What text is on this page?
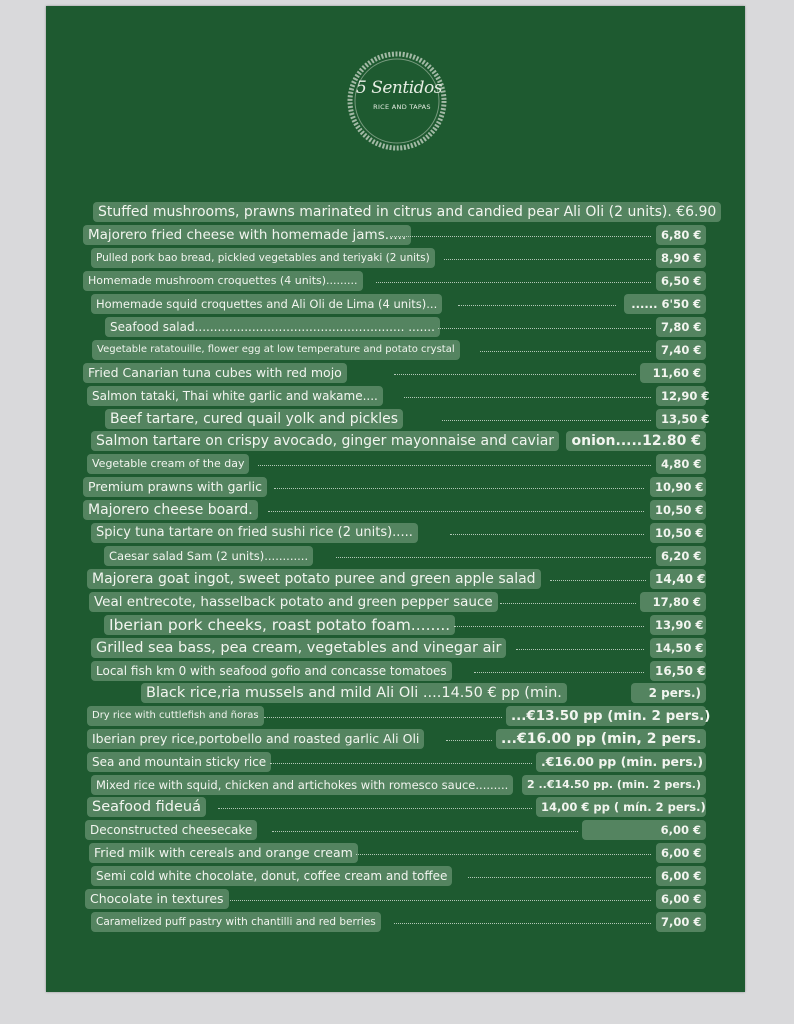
5 Sentidos
RICE AND TAPAS
Stuffed mushrooms, prawns marinated in citrus and candied pear Ali Oli (2 units). €6.90
Majorero fried cheese with homemade jams.....	6,80 €
Pulled pork bao bread, pickled vegetables and teriyaki (2 units)	8,90 €
Homemade mushroom croquettes (4 units).........	6,50 €
Homemade squid croquettes and Ali Oli de Lima (4 units)...	...... 6'50 €
Seafood salad....................................................... .......	7,80 €
Vegetable ratatouille, flower egg at low temperature and potato crystal	7,40 €
Fried Canarian tuna cubes with red mojo	11,60 €
Salmon tataki, Thai white garlic and wakame....	12,90 €
Beef tartare, cured quail yolk and pickles	13,50 €
Salmon tartare on crispy avocado, ginger mayonnaise and caviar	onion.....12.80 €
Vegetable cream of the day	4,80 €
Premium prawns with garlic	10,90 €
Majorero cheese board.	10,50 €
Spicy tuna tartare on fried sushi rice (2 units).....	10,50 €
Caesar salad Sam (2 units)............	6,20 €
Majorera goat ingot, sweet potato puree and green apple salad	14,40 €
Veal entrecote, hasselback potato and green pepper sauce	17,80 €
Iberian pork cheeks, roast potato foam........	13,90 €
Grilled sea bass, pea cream, vegetables and vinegar air	14,50 €
Local fish km 0 with seafood gofio and concasse tomatoes	16,50 €
Black rice,ria mussels and mild Ali Oli ....14.50 € pp (min.	2 pers.)
Dry rice with cuttlefish and ñoras	...€13.50 pp (min. 2 pers.)
Iberian prey rice,portobello and roasted garlic Ali Oli	...€16.00 pp (min, 2 pers.
Sea and mountain sticky rice	.€16.00 pp (min. pers.)
Mixed rice with squid, chicken and artichokes with romesco sauce.........	2 ..€14.50 pp. (min. 2 pers.)
Seafood fideuá	14,00 € pp ( mín. 2 pers.)
Deconstructed cheesecake	6,00 €
Fried milk with cereals and orange cream	6,00 €
Semi cold white chocolate, donut, coffee cream and toffee	6,00 €
Chocolate in textures	6,00 €
Caramelized puff pastry with chantilli and red berries	7,00 €
